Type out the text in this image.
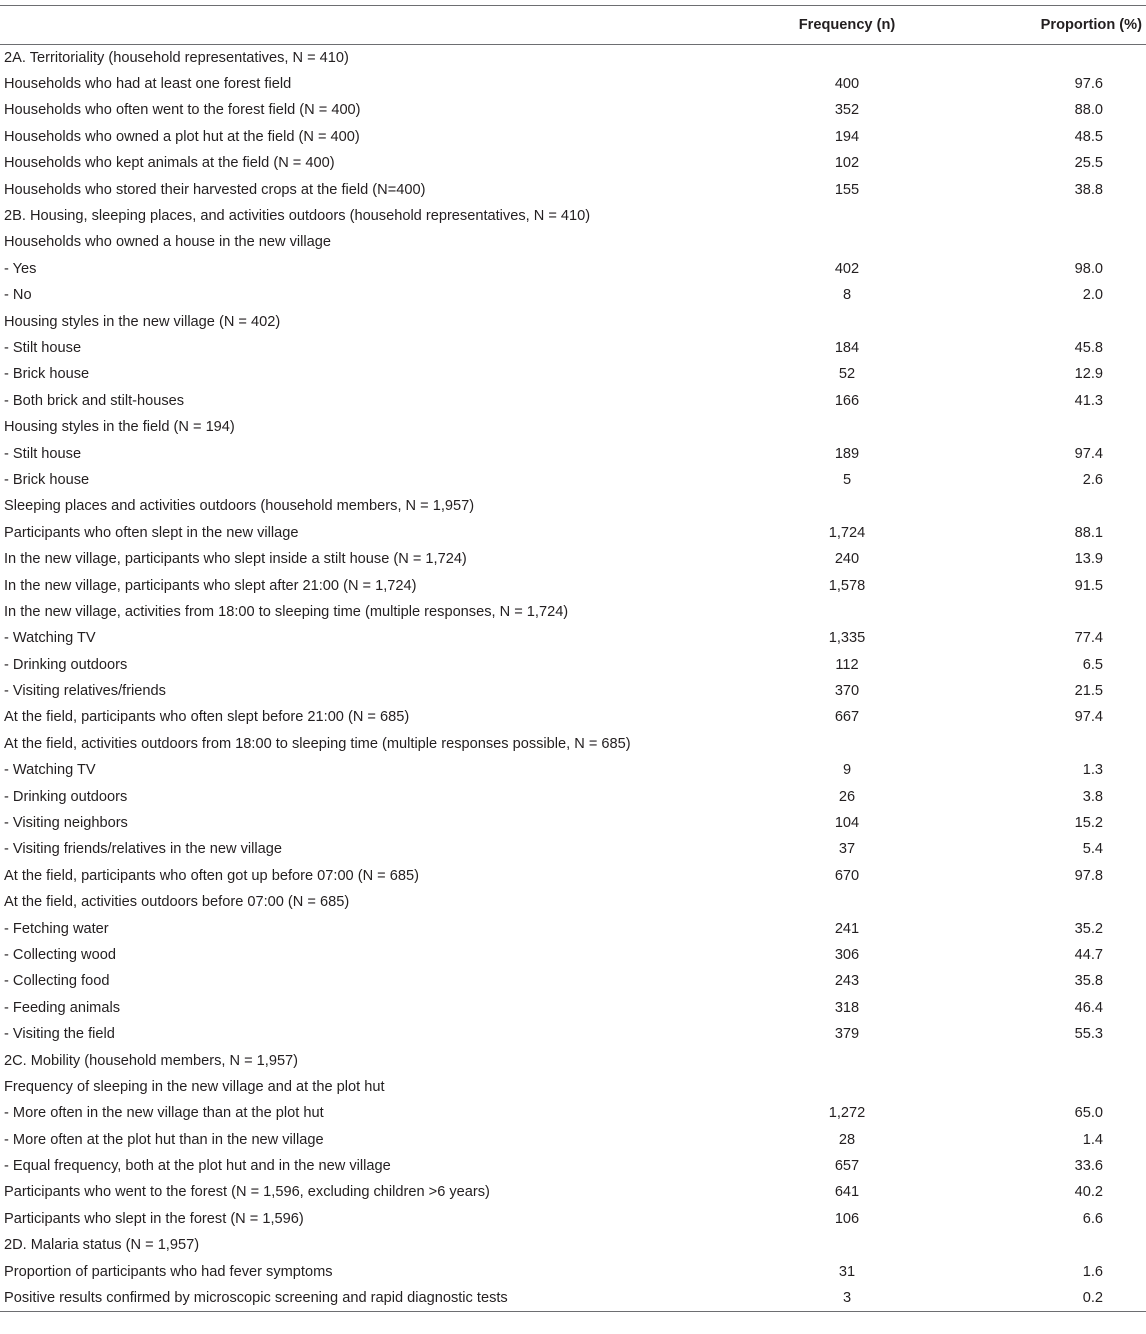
	Frequency (n)	Proportion (%)
2A. Territoriality (household representatives, N = 410)		
Households who had at least one forest field	400	97.6
Households who often went to the forest field (N = 400)	352	88.0
Households who owned a plot hut at the field (N = 400)	194	48.5
Households who kept animals at the field (N = 400)	102	25.5
Households who stored their harvested crops at the field (N=400)	155	38.8
2B. Housing, sleeping places, and activities outdoors (household representatives, N = 410)		
Households who owned a house in the new village		
- Yes	402	98.0
- No	8	2.0
Housing styles in the new village (N = 402)		
- Stilt house	184	45.8
- Brick house	52	12.9
- Both brick and stilt-houses	166	41.3
Housing styles in the field (N = 194)		
- Stilt house	189	97.4
- Brick house	5	2.6
Sleeping places and activities outdoors (household members, N = 1,957)		
Participants who often slept in the new village	1,724	88.1
In the new village, participants who slept inside a stilt house (N = 1,724)	240	13.9
In the new village, participants who slept after 21:00 (N = 1,724)	1,578	91.5
In the new village, activities from 18:00 to sleeping time (multiple responses, N = 1,724)		
- Watching TV	1,335	77.4
- Drinking outdoors	112	6.5
- Visiting relatives/friends	370	21.5
At the field, participants who often slept before 21:00 (N = 685)	667	97.4
At the field, activities outdoors from 18:00 to sleeping time (multiple responses possible, N = 685)		
- Watching TV	9	1.3
- Drinking outdoors	26	3.8
- Visiting neighbors	104	15.2
- Visiting friends/relatives in the new village	37	5.4
At the field, participants who often got up before 07:00 (N = 685)	670	97.8
At the field, activities outdoors before 07:00 (N = 685)		
- Fetching water	241	35.2
- Collecting wood	306	44.7
- Collecting food	243	35.8
- Feeding animals	318	46.4
- Visiting the field	379	55.3
2C. Mobility (household members, N = 1,957)		
Frequency of sleeping in the new village and at the plot hut		
- More often in the new village than at the plot hut	1,272	65.0
- More often at the plot hut than in the new village	28	1.4
- Equal frequency, both at the plot hut and in the new village	657	33.6
Participants who went to the forest (N = 1,596, excluding children >6 years)	641	40.2
Participants who slept in the forest (N = 1,596)	106	6.6
2D. Malaria status (N = 1,957)		
Proportion of participants who had fever symptoms	31	1.6
Positive results confirmed by microscopic screening and rapid diagnostic tests	3	0.2
